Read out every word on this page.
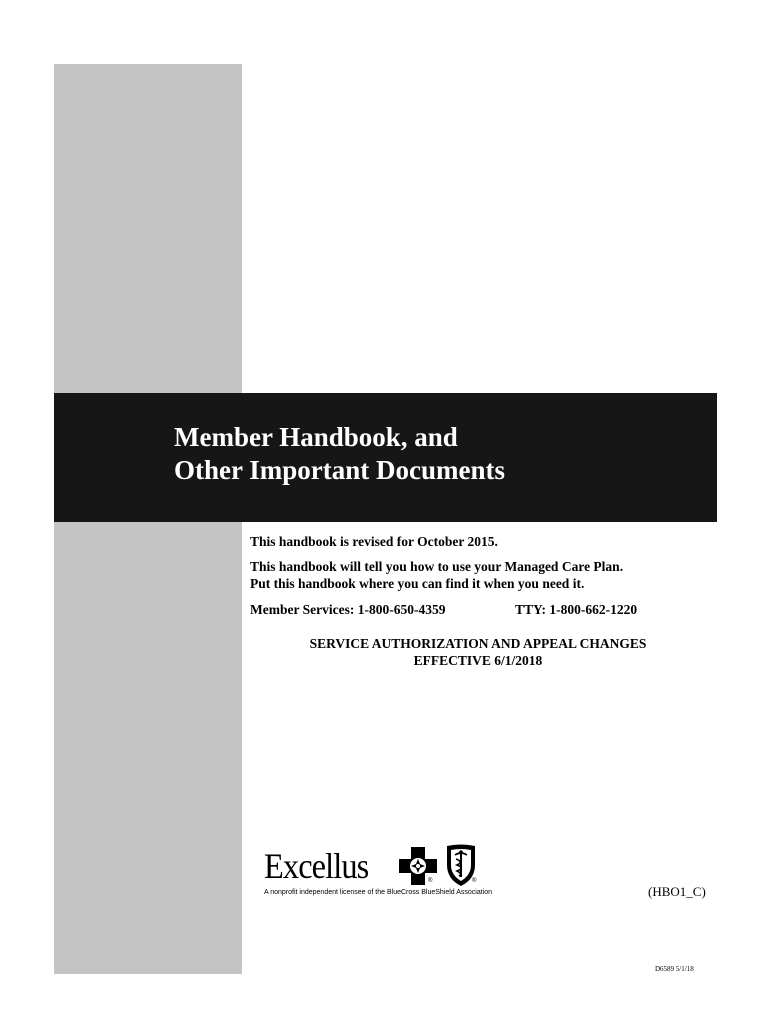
Member Handbook, and
Other Important Documents
This handbook is revised for October 2015.
This handbook will tell you how to use your Managed Care Plan.
Put this handbook where you can find it when you need it.
Member Services: 1-800-650-4359	TTY: 1-800-662-1220
SERVICE AUTHORIZATION AND APPEAL CHANGES
EFFECTIVE 6/1/2018
Excellus	®	®
A nonprofit independent licensee of the BlueCross BlueShield Association	(HBO1_C)
D6589 5/1/18
